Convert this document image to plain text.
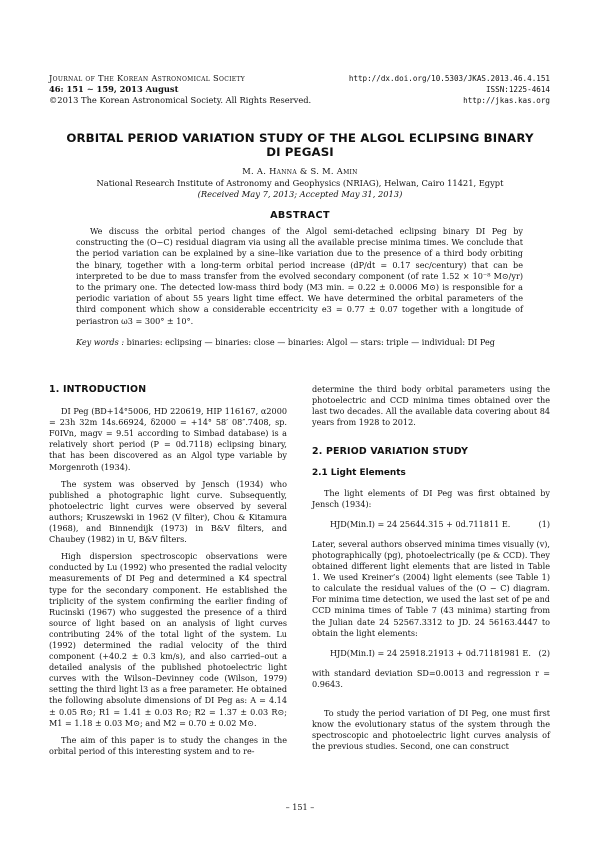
Journal of The Korean Astronomical Society
46: 151 ∼ 159, 2013 August
©2013 The Korean Astronomical Society. All Rights Reserved.
http://dx.doi.org/10.5303/JKAS.2013.46.4.151
ISSN:1225-4614
http://jkas.kas.org
ORBITAL PERIOD VARIATION STUDY OF THE ALGOL ECLIPSING BINARY DI PEGASI
M. A. Hanna & S. M. Amin
National Research Institute of Astronomy and Geophysics (NRIAG), Helwan, Cairo 11421, Egypt
(Received May 7, 2013; Accepted May 31, 2013)
ABSTRACT
We discuss the orbital period changes of the Algol semi-detached eclipsing binary DI Peg by constructing the (O−C) residual diagram via using all the available precise minima times. We conclude that the period variation can be explained by a sine–like variation due to the presence of a third body orbiting the binary, together with a long-term orbital period increase (dP/dt = 0.17 sec/century) that can be interpreted to be due to mass transfer from the evolved secondary component (of rate 1.52 × 10⁻⁸ M⊙/yr) to the primary one. The detected low-mass third body (M3 min. = 0.22 ± 0.0006 M⊙) is responsible for a periodic variation of about 55 years light time effect. We have determined the orbital parameters of the third component which show a considerable eccentricity e3 = 0.77 ± 0.07 together with a longitude of periastron ω3 = 300° ± 10°.
Key words : binaries: eclipsing — binaries: close — binaries: Algol — stars: triple — individual: DI Peg
1. INTRODUCTION

DI Peg (BD+14°5006, HD 220619, HIP 116167, α2000 = 23h 32m 14s.66924, δ2000 = +14° 58′ 08″.7408, sp. F0IVn, magv = 9.51 according to Simbad database) is a relatively short period (P = 0d.7118) eclipsing binary, that has been discovered as an Algol type variable by Morgenroth (1934).

The system was observed by Jensch (1934) who published a photographic light curve. Subsequently, photoelectric light curves were observed by several authors; Kruszewski in 1962 (V filter), Chou & Kitamura (1968), and Binnendijk (1973) in B&V filters, and Chaubey (1982) in U, B&V filters.

High dispersion spectroscopic observations were conducted by Lu (1992) who presented the radial velocity measurements of DI Peg and determined a K4 spectral type for the secondary component. He established the triplicity of the system confirming the earlier finding of Rucinski (1967) who suggested the presence of a third source of light based on an analysis of light curves contributing 24% of the total light of the system. Lu (1992) determined the radial velocity of the third component (+40.2 ± 0.3 km/s), and also carried–out a detailed analysis of the published photoelectric light curves with the Wilson–Devinney code (Wilson, 1979) setting the third light l3 as a free parameter. He obtained the following absolute dimensions of DI Peg as: A = 4.14 ± 0.05 R⊙; R1 = 1.41 ± 0.03 R⊙; R2 = 1.37 ± 0.03 R⊙; M1 = 1.18 ± 0.03 M⊙; and M2 = 0.70 ± 0.02 M⊙.

The aim of this paper is to study the changes in the orbital period of this interesting system and to re-

determine the third body orbital parameters using the photoelectric and CCD minima times obtained over the last two decades. All the available data covering about 84 years from 1928 to 2012.

2. PERIOD VARIATION STUDY
2.1 Light Elements

The light elements of DI Peg was first obtained by Jensch (1934):

HJD(Min.I) = 24 25644.315 + 0d.711811 E.	(1)

Later, several authors observed minima times visually (v), photographically (pg), photoelectrically (pe & CCD). They obtained different light elements that are listed in Table 1. We used Kreiner’s (2004) light elements (see Table 1) to calculate the residual values of the (O − C) diagram. For minima time detection, we used the last set of pe and CCD minima times of Table 7 (43 minima) starting from the Julian date 24 52567.3312 to JD. 24 56163.4447 to obtain the light elements:

HJD(Min.I) = 24 25918.21913 + 0d.71181981 E. (2)

with standard deviation SD=0.0013 and regression r = 0.9643.

To study the period variation of DI Peg, one must first know the evolutionary status of the system through the spectroscopic and photoelectric light curves analysis of the previous studies. Second, one can construct

– 151 –
